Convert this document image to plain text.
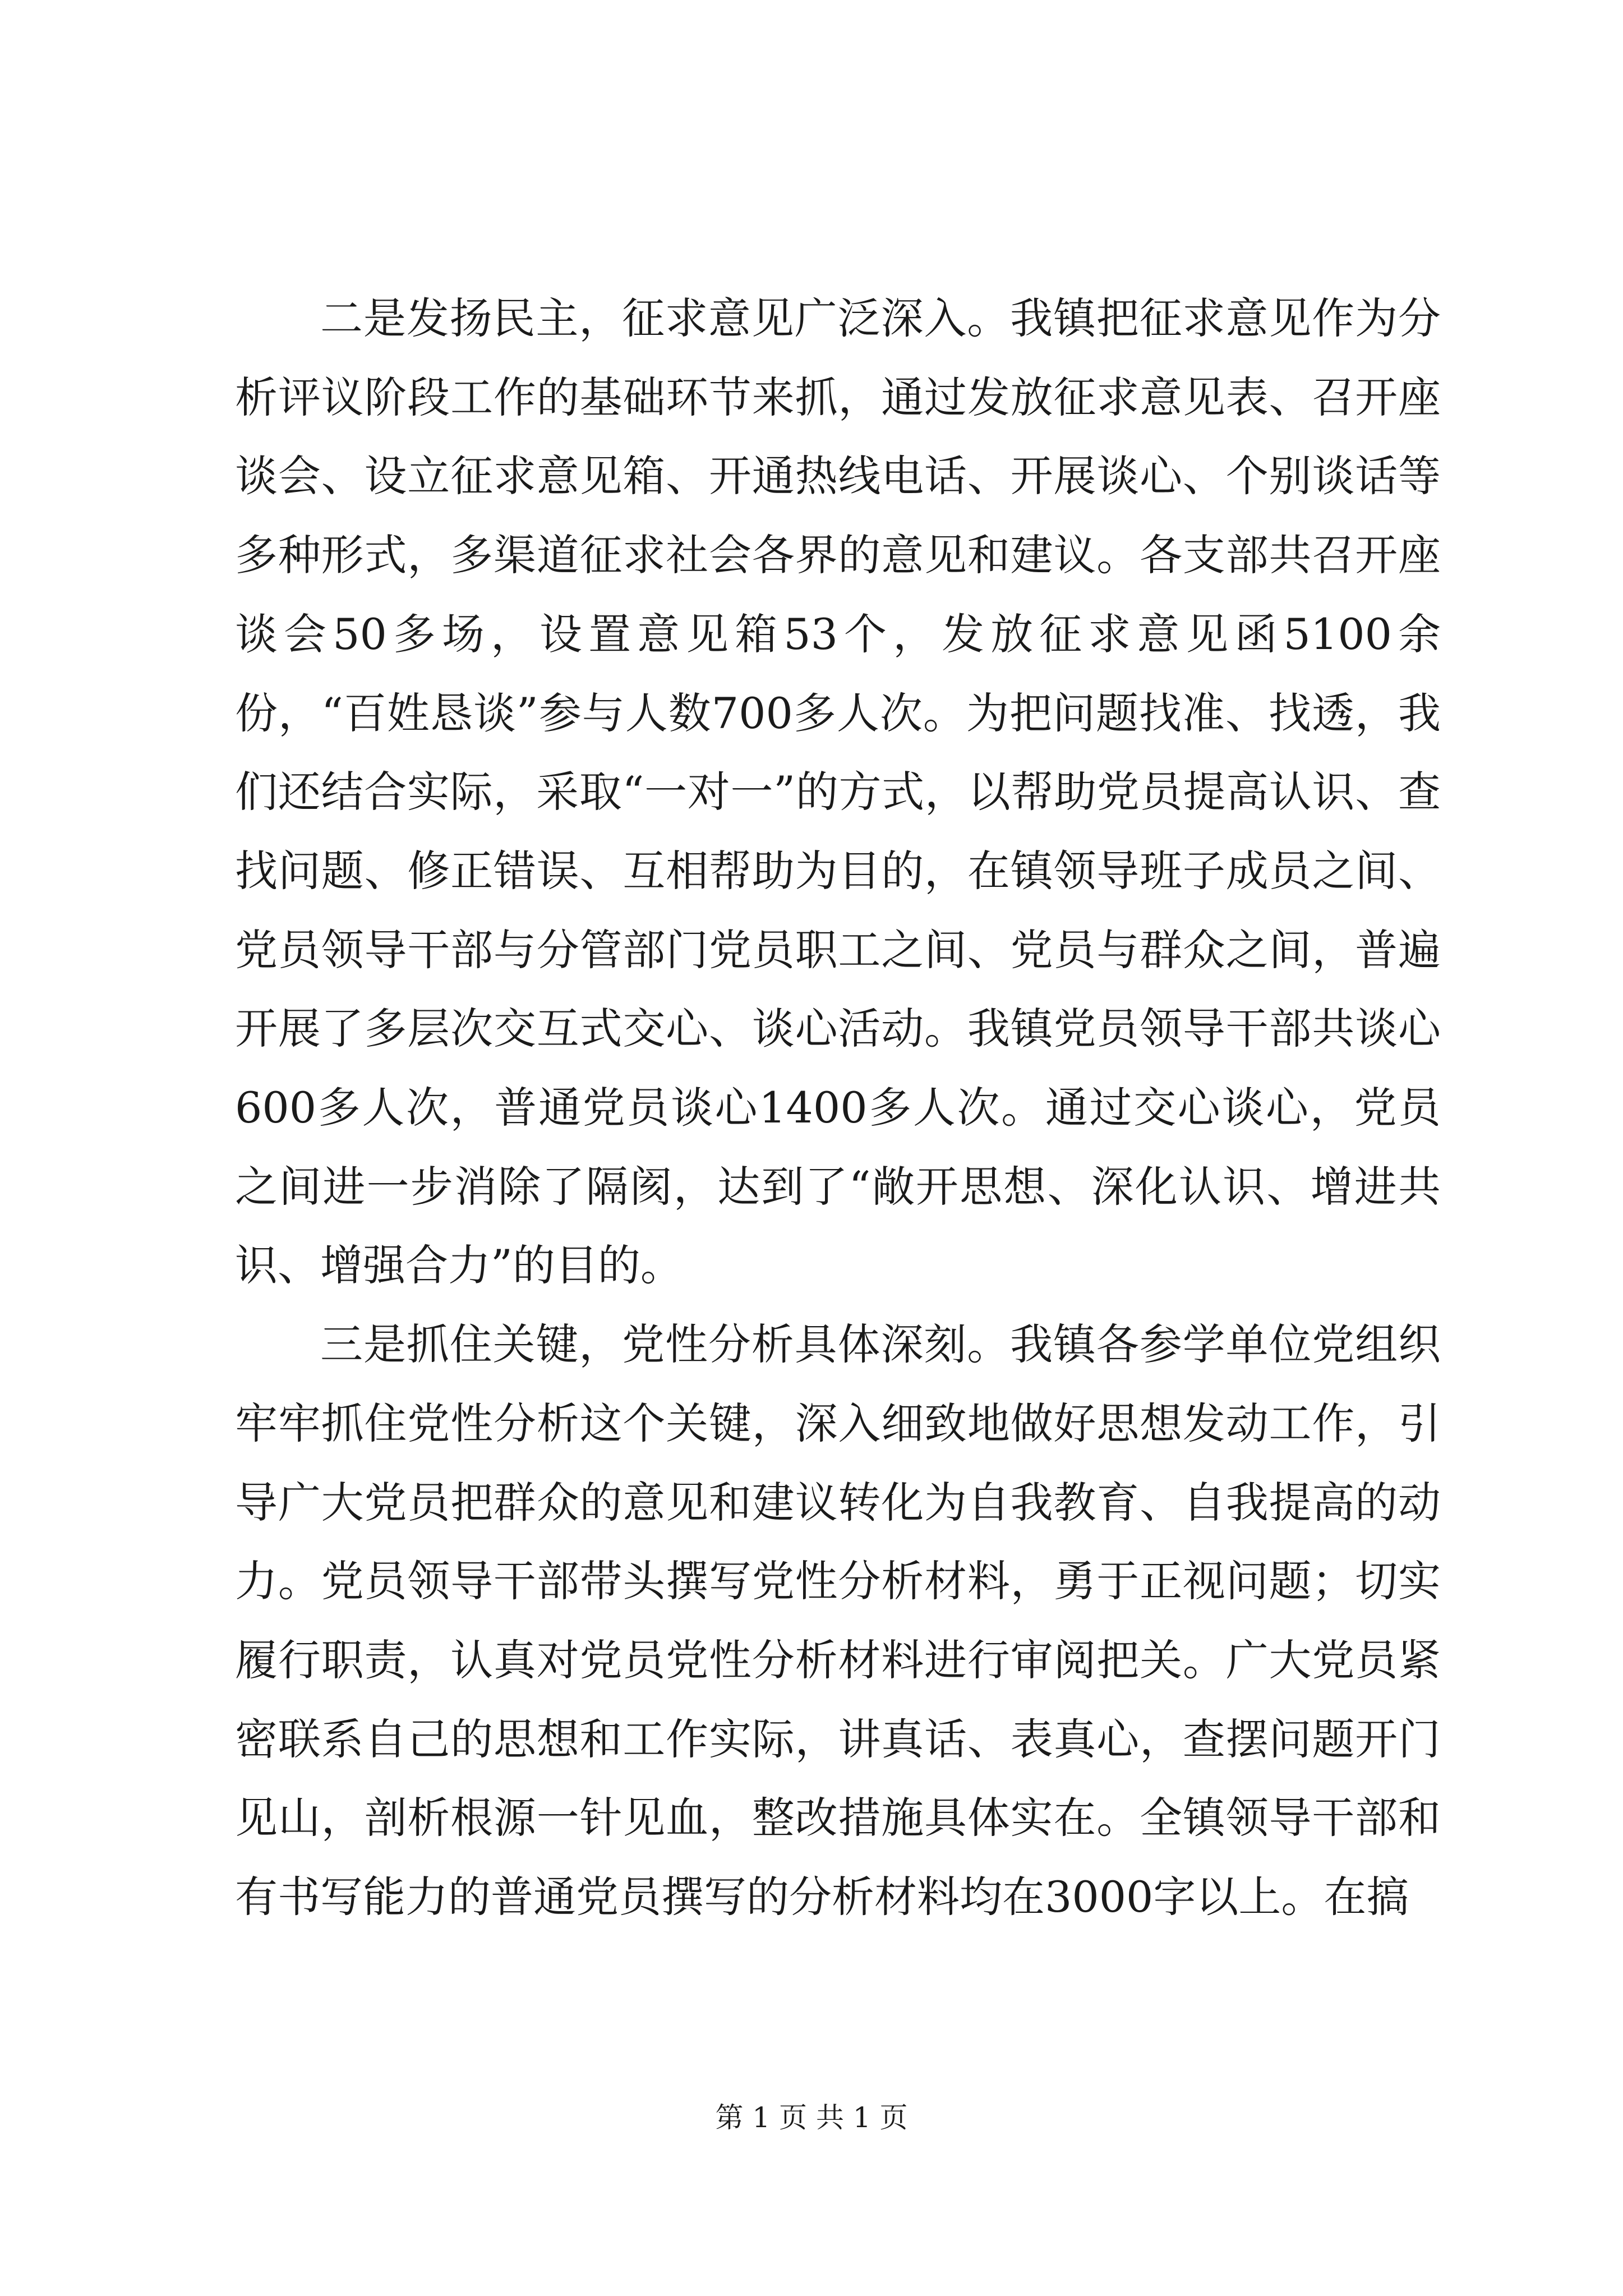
二是发扬民主，征求意见广泛深入。我镇把征求意见作为分析评议阶段工作的基础环节来抓，通过发放征求意见表、召开座谈会、设立征求意见箱、开通热线电话、开展谈心、个别谈话等多种形式，多渠道征求社会各界的意见和建议。各支部共召开座谈会50多场，设置意见箱53个，发放征求意见函5100余份，“百姓恳谈”参与人数700多人次。为把问题找准、找透，我们还结合实际，采取“一对一”的方式，以帮助党员提高认识、查找问题、修正错误、互相帮助为目的，在镇领导班子成员之间、党员领导干部与分管部门党员职工之间、党员与群众之间，普遍开展了多层次交互式交心、谈心活动。我镇党员领导干部共谈心600多人次，普通党员谈心1400多人次。通过交心谈心，党员之间进一步消除了隔阂，达到了“敞开思想、深化认识、增进共识、增强合力”的目的。

三是抓住关键，党性分析具体深刻。我镇各参学单位党组织牢牢抓住党性分析这个关键，深入细致地做好思想发动工作，引导广大党员把群众的意见和建议转化为自我教育、自我提高的动力。党员领导干部带头撰写党性分析材料，勇于正视问题；切实履行职责，认真对党员党性分析材料进行审阅把关。广大党员紧密联系自己的思想和工作实际，讲真话、表真心，查摆问题开门见山，剖析根源一针见血，整改措施具体实在。全镇领导干部和有书写能力的普通党员撰写的分析材料均在3000字以上。在搞

第 1 页 共 1 页
